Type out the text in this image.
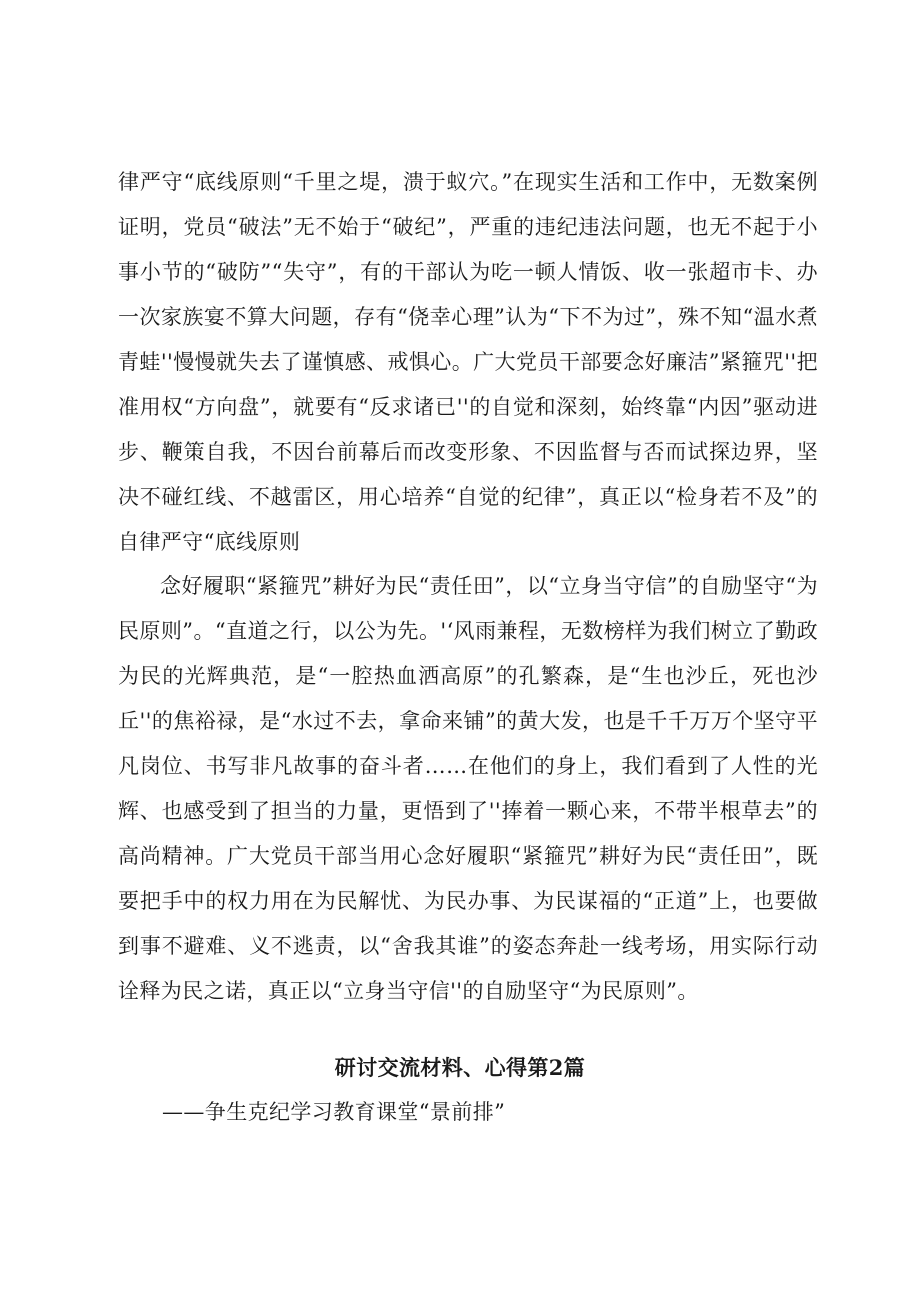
律严守“底线原则“千里之堤，溃于蚁穴。”在现实生活和工作中，无数案例证明，党员“破法”无不始于“破纪”，严重的违纪违法问题，也无不起于小事小节的“破防”“失守”，有的干部认为吃一顿人情饭、收一张超市卡、办一次家族宴不算大问题，存有“侥幸心理”认为“下不为过”，殊不知“温水煮青蛙''慢慢就失去了谨慎感、戒惧心。广大党员干部要念好廉洁”紧箍咒''把准用权“方向盘”，就要有“反求诸已''的自觉和深刻，始终靠“内因”驱动进步、鞭策自我，不因台前幕后而改变形象、不因监督与否而试探边界，坚决不碰红线、不越雷区，用心培养“自觉的纪律”，真正以“检身若不及”的自律严守“底线原则

念好履职“紧箍咒”耕好为民“责任田”，以“立身当守信”的自励坚守“为民原则”。“直道之行，以公为先。'‘风雨兼程，无数榜样为我们树立了勤政为民的光辉典范，是“一腔热血洒高原”的孔繁森，是“生也沙丘，死也沙丘''的焦裕禄，是“水过不去，拿命来铺”的黄大发，也是千千万万个坚守平凡岗位、书写非凡故事的奋斗者……在他们的身上，我们看到了人性的光辉、也感受到了担当的力量，更悟到了''捧着一颗心来，不带半根草去”的高尚精神。广大党员干部当用心念好履职“紧箍咒”耕好为民“责任田”，既要把手中的权力用在为民解忧、为民办事、为民谋福的“正道”上，也要做到事不避难、义不逃责，以“舍我其谁”的姿态奔赴一线考场，用实际行动诠释为民之诺，真正以“立身当守信''的自励坚守“为民原则”。

研讨交流材料、心得第2篇

——争生克纪学习教育课堂“景前排”
